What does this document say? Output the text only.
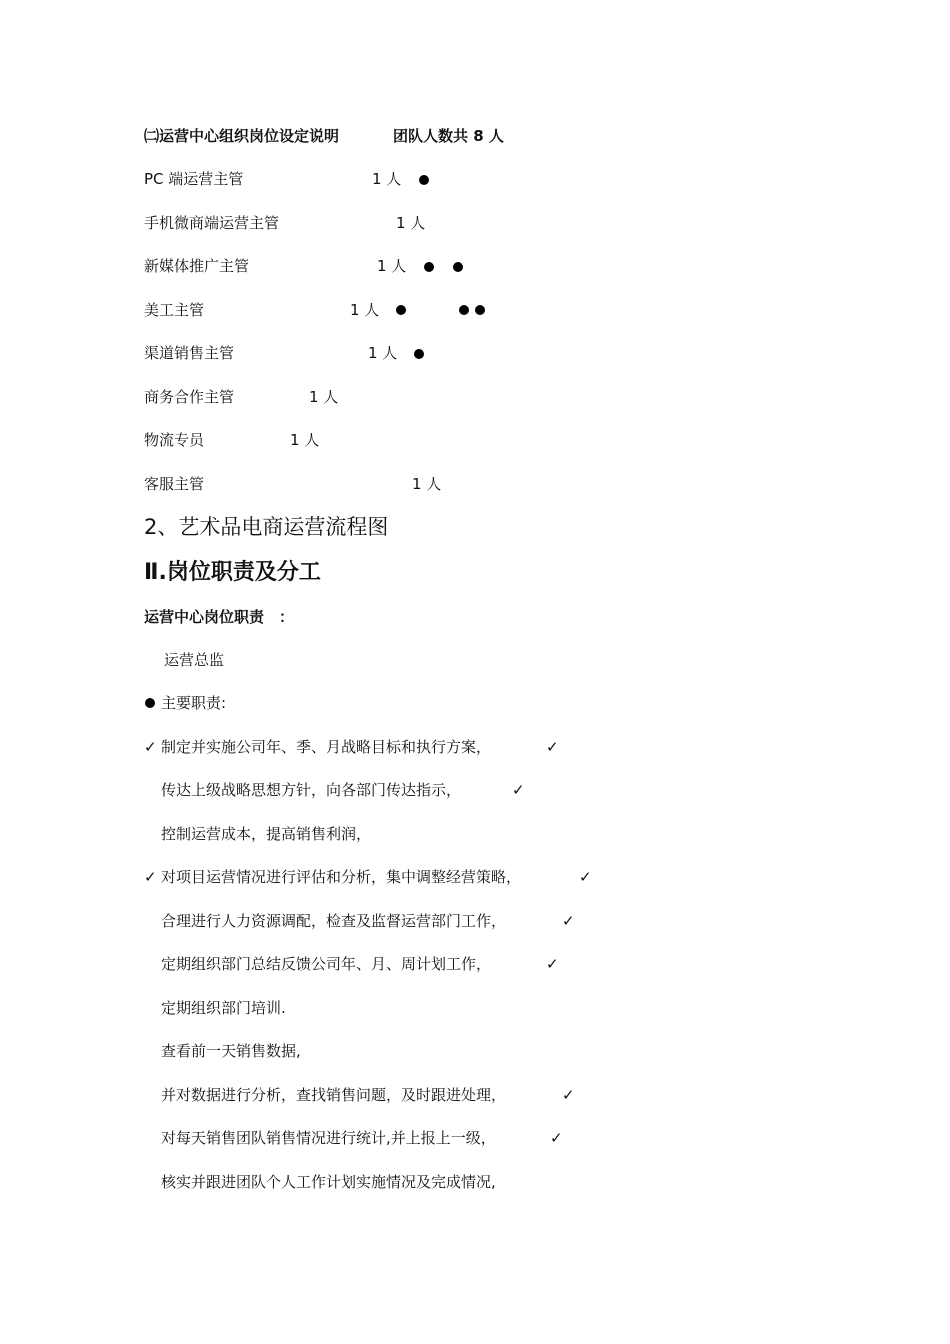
㈡运营中心组织岗位设定说明	团队人数共 8 人
PC 端运营主管	1 人
手机微商端运营主管	1 人
新媒体推广主管	1 人
美工主管	1 人
渠道销售主管	1 人
商务合作主管	1 人
物流专员	1 人
客服主管	1 人
2、艺术品电商运营流程图
Ⅱ.岗位职责及分工
运营中心岗位职责　：
运营总监
主要职责:
✓ 制定并实施公司年、季、月战略目标和执行方案，	✓
传达上级战略思想方针，向各部门传达指示，	✓
控制运营成本，提高销售利润，
✓ 对项目运营情况进行评估和分析，集中调整经营策略，	✓
合理进行人力资源调配，检查及监督运营部门工作，	✓
定期组织部门总结反馈公司年、月、周计划工作，	✓
定期组织部门培训.
查看前一天销售数据,
并对数据进行分析，查找销售问题，及时跟进处理，	✓
对每天销售团队销售情况进行统计,并上报上一级，	✓
核实并跟进团队个人工作计划实施情况及完成情况,
